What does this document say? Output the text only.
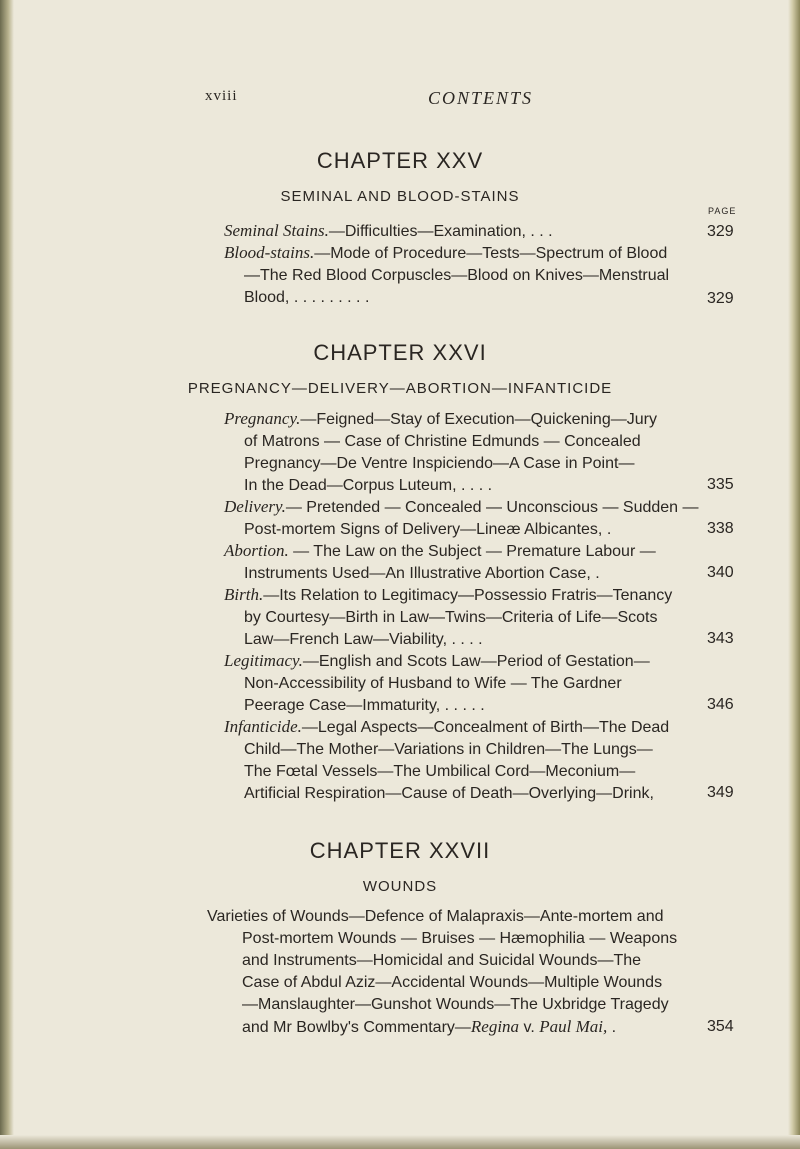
xviii	CONTENTS
CHAPTER XXV

SEMINAL AND BLOOD-STAINS

PAGE
Seminal Stains.—Difficulties—Examination, . . .	329
Blood-stains.—Mode of Procedure—Tests—Spectrum of Blood
—The Red Blood Corpuscles—Blood on Knives—Menstrual
Blood, . . . . . . . . .	329
CHAPTER XXVI

PREGNANCY—DELIVERY—ABORTION—INFANTICIDE

Pregnancy.—Feigned—Stay of Execution—Quickening—Jury
of Matrons — Case of Christine Edmunds — Concealed
Pregnancy—De Ventre Inspiciendo—A Case in Point—
In the Dead—Corpus Luteum, . . . .	335
Delivery.— Pretended — Concealed — Unconscious — Sudden —
Post-mortem Signs of Delivery—Lineæ Albicantes, .	338
Abortion. — The Law on the Subject — Premature Labour —
Instruments Used—An Illustrative Abortion Case, .	340
Birth.—Its Relation to Legitimacy—Possessio Fratris—Tenancy
by Courtesy—Birth in Law—Twins—Criteria of Life—Scots
Law—French Law—Viability, . . . .	343
Legitimacy.—English and Scots Law—Period of Gestation—
Non-Accessibility of Husband to Wife — The Gardner
Peerage Case—Immaturity, . . . . .	346
Infanticide.—Legal Aspects—Concealment of Birth—The Dead
Child—The Mother—Variations in Children—The Lungs—
The Fœtal Vessels—The Umbilical Cord—Meconium—
Artificial Respiration—Cause of Death—Overlying—Drink,	349
CHAPTER XXVII

WOUNDS

Varieties of Wounds—Defence of Malapraxis—Ante-mortem and
Post-mortem Wounds — Bruises — Hæmophilia — Weapons
and Instruments—Homicidal and Suicidal Wounds—The
Case of Abdul Aziz—Accidental Wounds—Multiple Wounds
—Manslaughter—Gunshot Wounds—The Uxbridge Tragedy
and Mr Bowlby's Commentary—Regina v. Paul Mai, .	354
